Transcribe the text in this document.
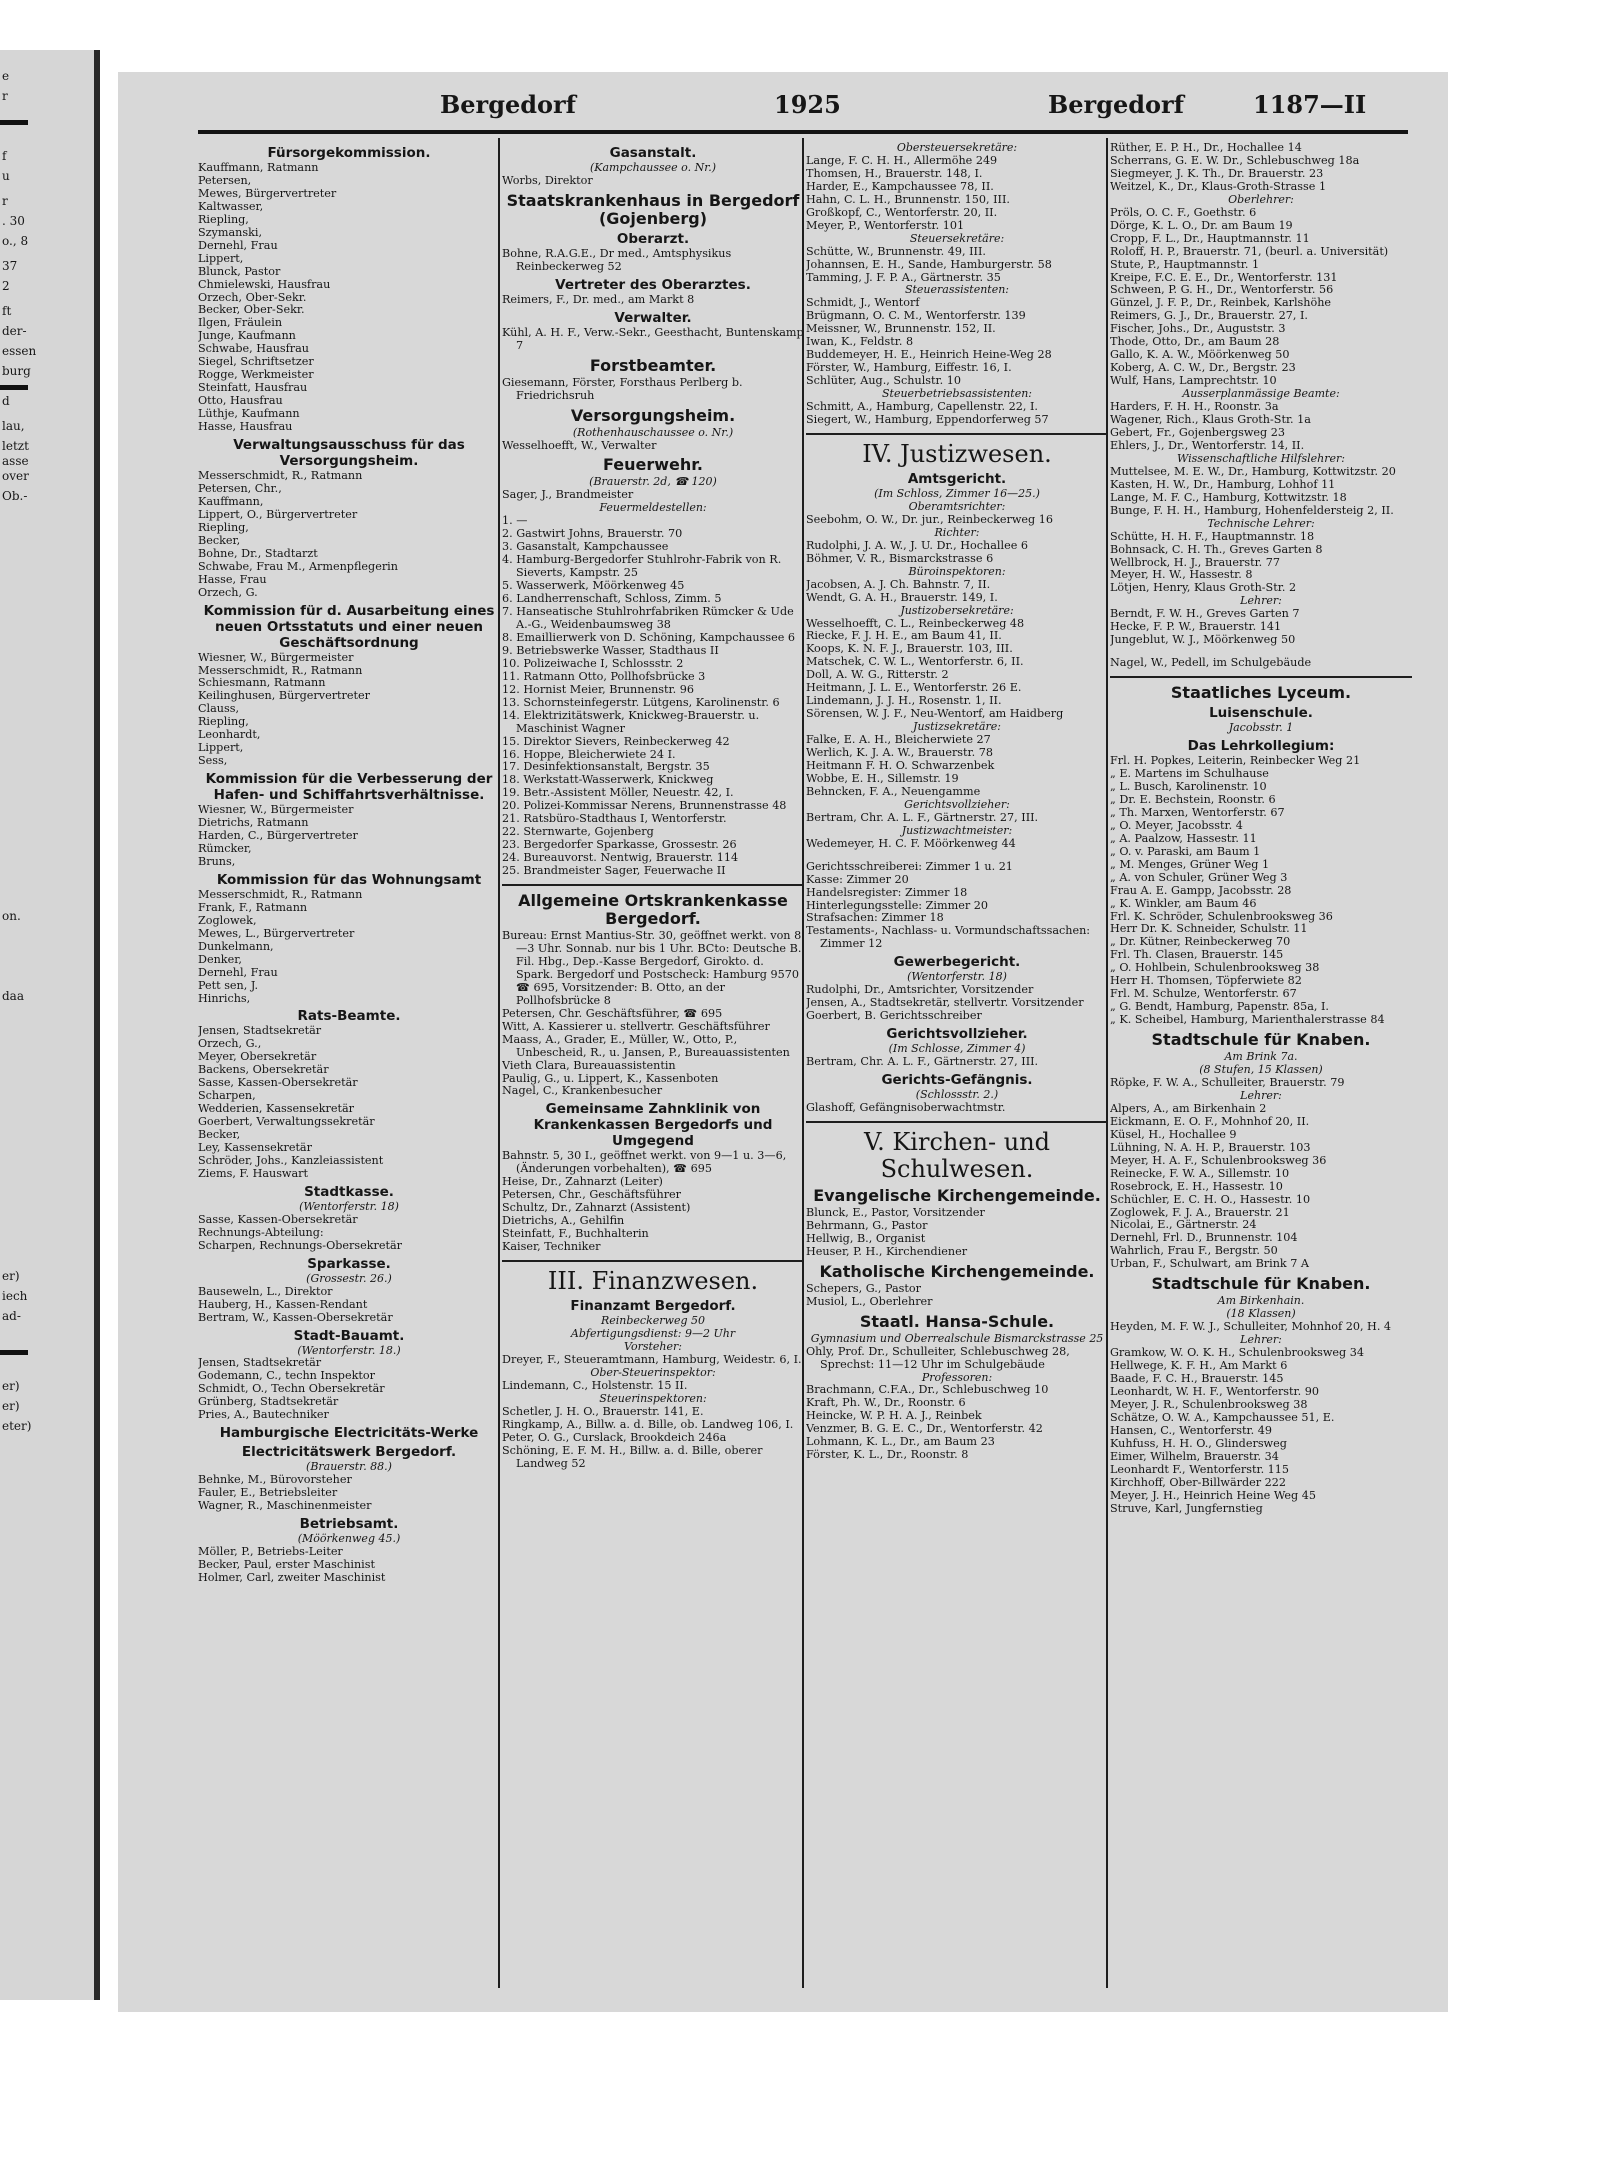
e
r
f
u
r
. 30
o., 8
37
2
ft
der-
essen
burg
d
lau,
letzt
asse
over
Ob.-
on.
daa
er)
iech
ad-
er)
er)
eter)
Bergedorf	1925	Bergedorf	1187—II
Fürsorgekommission.
Kauffmann, Ratmann
Petersen,
Mewes, Bürgervertreter
Kaltwasser,
Riepling,
Szymanski,
Dernehl, Frau
Lippert,
Blunck, Pastor
Chmielewski, Hausfrau
Orzech, Ober-Sekr.
Becker, Ober-Sekr.
Ilgen, Fräulein
Junge, Kaufmann
Schwabe, Hausfrau
Siegel, Schriftsetzer
Rogge, Werkmeister
Steinfatt, Hausfrau
Otto, Hausfrau
Lüthje, Kaufmann
Hasse, Hausfrau
Verwaltungsausschuss für das Versorgungsheim.
Messerschmidt, R., Ratmann
Petersen, Chr.,
Kauffmann,
Lippert, O., Bürgervertreter
Riepling,
Becker,
Bohne, Dr., Stadtarzt
Schwabe, Frau M., Armenpflegerin
Hasse, Frau
Orzech, G.
Kommission für d. Ausarbeitung eines neuen Ortsstatuts und einer neuen Geschäftsordnung
Wiesner, W., Bürgermeister
Messerschmidt, R., Ratmann
Schiesmann, Ratmann
Keilinghusen, Bürgervertreter
Clauss,
Riepling,
Leonhardt,
Lippert,
Sess,
Kommission für die Verbesserung der Hafen- und Schiffahrtsverhältnisse.
Wiesner, W., Bürgermeister
Dietrichs, Ratmann
Harden, C., Bürgervertreter
Rümcker,
Bruns,
Kommission für das Wohnungsamt
Messerschmidt, R., Ratmann
Frank, F., Ratmann
Zoglowek,
Mewes, L., Bürgervertreter
Dunkelmann,
Denker,
Dernehl, Frau
Pett sen, J.
Hinrichs,
Rats-Beamte.
Jensen, Stadtsekretär
Orzech, G.,
Meyer, Obersekretär
Backens, Obersekretär
Sasse, Kassen-Obersekretär
Scharpen,
Wedderien, Kassensekretär
Goerbert, Verwaltungssekretär
Becker,
Ley, Kassensekretär
Schröder, Johs., Kanzleiassistent
Ziems, F. Hauswart
Stadtkasse.
(Wentorferstr. 18)
Sasse, Kassen-Obersekretär
Rechnungs-Abteilung:
Scharpen, Rechnungs-Obersekretär
Sparkasse.
(Grossestr. 26.)
Bauseweln, L., Direktor
Hauberg, H., Kassen-Rendant
Bertram, W., Kassen-Obersekretär
Stadt-Bauamt.
(Wentorferstr. 18.)
Jensen, Stadtsekretär
Godemann, C., techn Inspektor
Schmidt, O., Techn Obersekretär
Grünberg, Stadtsekretär
Pries, A., Bautechniker
Hamburgische Electricitäts-Werke
Electricitätswerk Bergedorf.
(Brauerstr. 88.)
Behnke, M., Bürovorsteher
Fauler, E., Betriebsleiter
Wagner, R., Maschinenmeister
Betriebsamt.
(Möörkenweg 45.)
Möller, P., Betriebs-Leiter
Becker, Paul, erster Maschinist
Holmer, Carl, zweiter Maschinist
Gasanstalt.
(Kampchaussee o. Nr.)
Worbs, Direktor
Staatskrankenhaus in Bergedorf (Gojenberg)
Oberarzt.
Bohne, R.A.G.E., Dr med., Amtsphysikus Reinbeckerweg 52
Vertreter des Oberarztes.
Reimers, F., Dr. med., am Markt 8
Verwalter.
Kühl, A. H. F., Verw.-Sekr., Geesthacht, Buntenskamp 7
Forstbeamter.
Giesemann, Förster, Forsthaus Perlberg b. Friedrichsruh
Versorgungsheim.
(Rothenhauschaussee o. Nr.)
Wesselhoefft, W., Verwalter
Feuerwehr.
(Brauerstr. 2d, ☎ 120)
Sager, J., Brandmeister
Feuermeldestellen:
1. —
2. Gastwirt Johns, Brauerstr. 70
3. Gasanstalt, Kampchaussee
4. Hamburg-Bergedorfer Stuhlrohr-Fabrik von R. Sieverts, Kampstr. 25
5. Wasserwerk, Möörkenweg 45
6. Landherrenschaft, Schloss, Zimm. 5
7. Hanseatische Stuhlrohrfabriken Rümcker & Ude A.-G., Weidenbaumsweg 38
8. Emaillierwerk von D. Schöning, Kampchaussee 6
9. Betriebswerke Wasser, Stadthaus II
10. Polizeiwache I, Schlossstr. 2
11. Ratmann Otto, Pollhofsbrücke 3
12. Hornist Meier, Brunnenstr. 96
13. Schornsteinfegerstr. Lütgens, Karolinenstr. 6
14. Elektrizitätswerk, Knickweg-Brauerstr. u. Maschinist Wagner
15. Direktor Sievers, Reinbeckerweg 42
16. Hoppe, Bleicherwiete 24 I.
17. Desinfektionsanstalt, Bergstr. 35
18. Werkstatt-Wasserwerk, Knickweg
19. Betr.-Assistent Möller, Neuestr. 42, I.
20. Polizei-Kommissar Nerens, Brunnenstrasse 48
21. Ratsbüro-Stadthaus I, Wentorferstr.
22. Sternwarte, Gojenberg
23. Bergedorfer Sparkasse, Grossestr. 26
24. Bureauvorst. Nentwig, Brauerstr. 114
25. Brandmeister Sager, Feuerwache II
Allgemeine Ortskrankenkasse Bergedorf.
Bureau: Ernst Mantius-Str. 30, geöffnet werkt. von 8—3 Uhr. Sonnab. nur bis 1 Uhr. BCto: Deutsche B. Fil. Hbg., Dep.-Kasse Bergedorf, Girokto. d. Spark. Bergedorf und Postscheck: Hamburg 9570 ☎ 695, Vorsitzender: B. Otto, an der Pollhofsbrücke 8
Petersen, Chr. Geschäftsführer, ☎ 695
Witt, A. Kassierer u. stellvertr. Geschäftsführer
Maass, A., Grader, E., Müller, W., Otto, P., Unbescheid, R., u. Jansen, P., Bureauassistenten
Vieth Clara, Bureauassistentin
Paulig, G., u. Lippert, K., Kassenboten
Nagel, C., Krankenbesucher
Gemeinsame Zahnklinik von Krankenkassen Bergedorfs und Umgegend
Bahnstr. 5, 30 I., geöffnet werkt. von 9—1 u. 3—6, (Änderungen vorbehalten), ☎ 695
Heise, Dr., Zahnarzt (Leiter)
Petersen, Chr., Geschäftsführer
Schultz, Dr., Zahnarzt (Assistent)
Dietrichs, A., Gehilfin
Steinfatt, F., Buchhalterin
Kaiser, Techniker
III. Finanzwesen.
Finanzamt Bergedorf.
Reinbeckerweg 50
Abfertigungsdienst: 9—2 Uhr
Vorsteher:
Dreyer, F., Steueramtmann, Hamburg, Weidestr. 6, I.
Ober-Steuerinspektor:
Lindemann, C., Holstenstr. 15 II.
Steuerinspektoren:
Schetler, J. H. O., Brauerstr. 141, E.
Ringkamp, A., Billw. a. d. Bille, ob. Landweg 106, I.
Peter, O. G., Curslack, Brookdeich 246a
Schöning, E. F. M. H., Billw. a. d. Bille, oberer Landweg 52
Obersteuersekretäre:
Lange, F. C. H. H., Allermöhe 249
Thomsen, H., Brauerstr. 148, I.
Harder, E., Kampchaussee 78, II.
Hahn, C. L. H., Brunnenstr. 150, III.
Großkopf, C., Wentorferstr. 20, II.
Meyer, P., Wentorferstr. 101
Steuersekretäre:
Schütte, W., Brunnenstr. 49, III.
Johannsen, E. H., Sande, Hamburgerstr. 58
Tamming, J. F. P. A., Gärtnerstr. 35
Steuerassistenten:
Schmidt, J., Wentorf
Brügmann, O. C. M., Wentorferstr. 139
Meissner, W., Brunnenstr. 152, II.
Iwan, K., Feldstr. 8
Buddemeyer, H. E., Heinrich Heine-Weg 28
Förster, W., Hamburg, Eiffestr. 16, I.
Schlüter, Aug., Schulstr. 10
Steuerbetriebsassistenten:
Schmitt, A., Hamburg, Capellenstr. 22, I.
Siegert, W., Hamburg, Eppendorferweg 57
IV. Justizwesen.
Amtsgericht.
(Im Schloss, Zimmer 16—25.)
Oberamtsrichter:
Seebohm, O. W., Dr. jur., Reinbeckerweg 16
Richter:
Rudolphi, J. A. W., J. U. Dr., Hochallee 6
Böhmer, V. R., Bismarckstrasse 6
Büroinspektoren:
Jacobsen, A. J. Ch. Bahnstr. 7, II.
Wendt, G. A. H., Brauerstr. 149, I.
Justizobersekretäre:
Wesselhoefft, C. L., Reinbeckerweg 48
Riecke, F. J. H. E., am Baum 41, II.
Koops, K. N. F. J., Brauerstr. 103, III.
Matschek, C. W. L., Wentorferstr. 6, II.
Doll, A. W. G., Ritterstr. 2
Heitmann, J. L. E., Wentorferstr. 26 E.
Lindemann, J. J. H., Rosenstr. 1, II.
Sörensen, W. J. F., Neu-Wentorf, am Haidberg
Justizsekretäre:
Falke, E. A. H., Bleicherwiete 27
Werlich, K. J. A. W., Brauerstr. 78
Heitmann F. H. O. Schwarzenbek
Wobbe, E. H., Sillemstr. 19
Behncken, F. A., Neuengamme
Gerichtsvollzieher:
Bertram, Chr. A. L. F., Gärtnerstr. 27, III.
Justizwachtmeister:
Wedemeyer, H. C. F. Möörkenweg 44
Gerichtsschreiberei: Zimmer 1 u. 21
Kasse: Zimmer 20
Handelsregister: Zimmer 18
Hinterlegungsstelle: Zimmer 20
Strafsachen: Zimmer 18
Testaments-, Nachlass- u. Vormundschaftssachen: Zimmer 12
Gewerbegericht.
(Wentorferstr. 18)
Rudolphi, Dr., Amtsrichter, Vorsitzender
Jensen, A., Stadtsekretär, stellvertr. Vorsitzender
Goerbert, B. Gerichtsschreiber
Gerichtsvollzieher.
(Im Schlosse, Zimmer 4)
Bertram, Chr. A. L. F., Gärtnerstr. 27, III.
Gerichts-Gefängnis.
(Schlossstr. 2.)
Glashoff, Gefängnisoberwachtmstr.
V. Kirchen- und Schulwesen.
Evangelische Kirchengemeinde.
Blunck, E., Pastor, Vorsitzender
Behrmann, G., Pastor
Hellwig, B., Organist
Heuser, P. H., Kirchendiener
Katholische Kirchengemeinde.
Schepers, G., Pastor
Musiol, L., Oberlehrer
Staatl. Hansa-Schule.
Gymnasium und Oberrealschule Bismarckstrasse 25
Ohly, Prof. Dr., Schulleiter, Schlebuschweg 28, Sprechst: 11—12 Uhr im Schulgebäude
Professoren:
Brachmann, C.F.A., Dr., Schlebuschweg 10
Kraft, Ph. W., Dr., Roonstr. 6
Heincke, W. P. H. A. J., Reinbek
Venzmer, B. G. E. C., Dr., Wentorferstr. 42
Lohmann, K. L., Dr., am Baum 23
Förster, K. L., Dr., Roonstr. 8
Rüther, E. P. H., Dr., Hochallee 14
Scherrans, G. E. W. Dr., Schlebuschweg 18a
Siegmeyer, J. K. Th., Dr. Brauerstr. 23
Weitzel, K., Dr., Klaus-Groth-Strasse 1
Oberlehrer:
Pröls, O. C. F., Goethstr. 6
Dörge, K. L. O., Dr. am Baum 19
Cropp, F. L., Dr., Hauptmannstr. 11
Roloff, H. P., Brauerstr. 71, (beurl. a. Universität)
Stute, P., Hauptmannstr. 1
Kreipe, F.C. E. E., Dr., Wentorferstr. 131
Schween, P. G. H., Dr., Wentorferstr. 56
Günzel, J. F. P., Dr., Reinbek, Karlshöhe
Reimers, G. J., Dr., Brauerstr. 27, I.
Fischer, Johs., Dr., Auguststr. 3
Thode, Otto, Dr., am Baum 28
Gallo, K. A. W., Möörkenweg 50
Koberg, A. C. W., Dr., Bergstr. 23
Wulf, Hans, Lamprechtstr. 10
Ausserplanmässige Beamte:
Harders, F. H. H., Roonstr. 3a
Wagener, Rich., Klaus Groth-Str. 1a
Gebert, Fr., Gojenbergsweg 23
Ehlers, J., Dr., Wentorferstr. 14, II.
Wissenschaftliche Hilfslehrer:
Muttelsee, M. E. W., Dr., Hamburg, Kottwitzstr. 20
Kasten, H. W., Dr., Hamburg, Lohhof 11
Lange, M. F. C., Hamburg, Kottwitzstr. 18
Bunge, F. H. H., Hamburg, Hohenfeldersteig 2, II.
Technische Lehrer:
Schütte, H. H. F., Hauptmannstr. 18
Bohnsack, C. H. Th., Greves Garten 8
Wellbrock, H. J., Brauerstr. 77
Meyer, H. W., Hassestr. 8
Lötjen, Henry, Klaus Groth-Str. 2
Lehrer:
Berndt, F. W. H., Greves Garten 7
Hecke, F. P. W., Brauerstr. 141
Jungeblut, W. J., Möörkenweg 50
Nagel, W., Pedell, im Schulgebäude
Staatliches Lyceum.
Luisenschule.
Jacobsstr. 1
Das Lehrkollegium:
Frl. H. Popkes, Leiterin, Reinbecker Weg 21
„ E. Martens im Schulhause
„ L. Busch, Karolinenstr. 10
„ Dr. E. Bechstein, Roonstr. 6
„ Th. Marxen, Wentorferstr. 67
„ O. Meyer, Jacobsstr. 4
„ A. Paalzow, Hassestr. 11
„ O. v. Paraski, am Baum 1
„ M. Menges, Grüner Weg 1
„ A. von Schuler, Grüner Weg 3
Frau A. E. Gampp, Jacobsstr. 28
„ K. Winkler, am Baum 46
Frl. K. Schröder, Schulenbrooksweg 36
Herr Dr. K. Schneider, Schulstr. 11
„ Dr. Kütner, Reinbeckerweg 70
Frl. Th. Clasen, Brauerstr. 145
„ O. Hohlbein, Schulenbrooksweg 38
Herr H. Thomsen, Töpferwiete 82
Frl. M. Schulze, Wentorferstr. 67
„ G. Bendt, Hamburg, Papenstr. 85a, I.
„ K. Scheibel, Hamburg, Marienthalerstrasse 84
Stadtschule für Knaben.
Am Brink 7a.
(8 Stufen, 15 Klassen)
Röpke, F. W. A., Schulleiter, Brauerstr. 79
Lehrer:
Alpers, A., am Birkenhain 2
Eickmann, E. O. F., Mohnhof 20, II.
Küsel, H., Hochallee 9
Lühning, N. A. H. P., Brauerstr. 103
Meyer, H. A. F., Schulenbrooksweg 36
Reinecke, F. W. A., Sillemstr. 10
Rosebrock, E. H., Hassestr. 10
Schüchler, E. C. H. O., Hassestr. 10
Zoglowek, F. J. A., Brauerstr. 21
Nicolai, E., Gärtnerstr. 24
Dernehl, Frl. D., Brunnenstr. 104
Wahrlich, Frau F., Bergstr. 50
Urban, F., Schulwart, am Brink 7 A
Stadtschule für Knaben.
Am Birkenhain.
(18 Klassen)
Heyden, M. F. W. J., Schulleiter, Mohnhof 20, H. 4
Lehrer:
Gramkow, W. O. K. H., Schulenbrooksweg 34
Hellwege, K. F. H., Am Markt 6
Baade, F. C. H., Brauerstr. 145
Leonhardt, W. H. F., Wentorferstr. 90
Meyer, J. R., Schulenbrooksweg 38
Schätze, O. W. A., Kampchaussee 51, E.
Hansen, C., Wentorferstr. 49
Kuhfuss, H. H. O., Glindersweg
Eimer, Wilhelm, Brauerstr. 34
Leonhardt F., Wentorferstr. 115
Kirchhoff, Ober-Billwärder 222
Meyer, J. H., Heinrich Heine Weg 45
Struve, Karl, Jungfernstieg
